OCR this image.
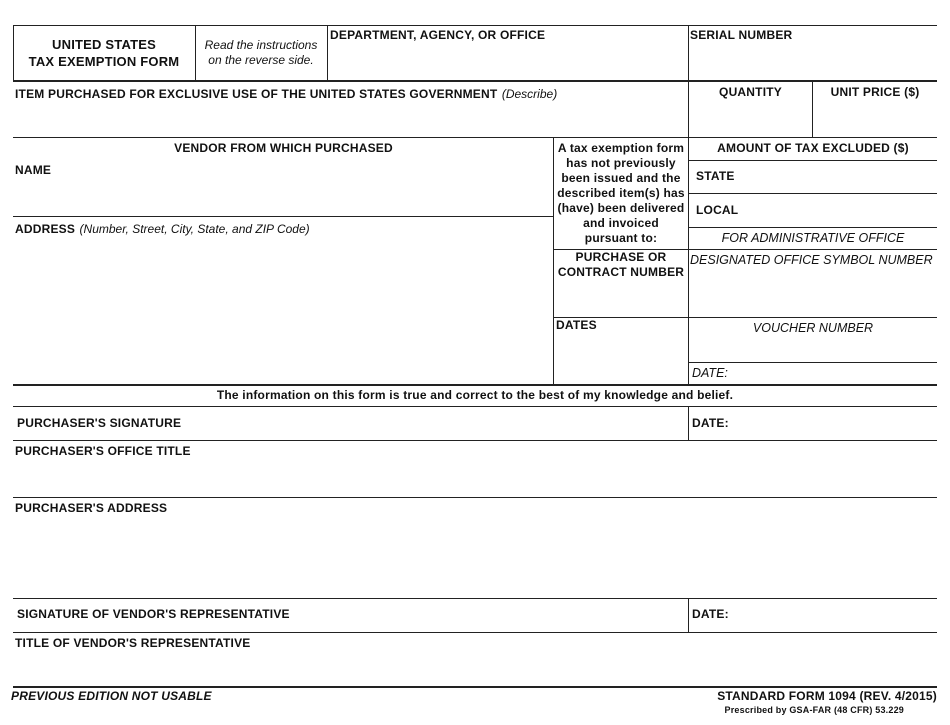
UNITED STATES
TAX EXEMPTION FORM
Read the instructions
on the reverse side.
DEPARTMENT, AGENCY, OR OFFICE	SERIAL NUMBER
ITEM PURCHASED FOR EXCLUSIVE USE OF THE UNITED STATES GOVERNMENT (Describe)	QUANTITY	UNIT PRICE ($)
VENDOR FROM WHICH PURCHASED
NAME
ADDRESS (Number, Street, City, State, and ZIP Code)
A tax exemption form
has not previously
been issued and the
described item(s) has
(have) been delivered
and invoiced
pursuant to:
PURCHASE OR
CONTRACT NUMBER
DATES
AMOUNT OF TAX EXCLUDED ($)
STATE
LOCAL
FOR ADMINISTRATIVE OFFICE
DESIGNATED OFFICE SYMBOL NUMBER
VOUCHER NUMBER
DATE:
The information on this form is true and correct to the best of my knowledge and belief.
PURCHASER'S SIGNATURE	DATE:
PURCHASER'S OFFICE TITLE
PURCHASER'S ADDRESS
SIGNATURE OF VENDOR'S REPRESENTATIVE	DATE:
TITLE OF VENDOR'S REPRESENTATIVE
PREVIOUS EDITION NOT USABLE	STANDARD FORM 1094 (REV. 4/2015)
Prescribed by GSA-FAR (48 CFR) 53.229
